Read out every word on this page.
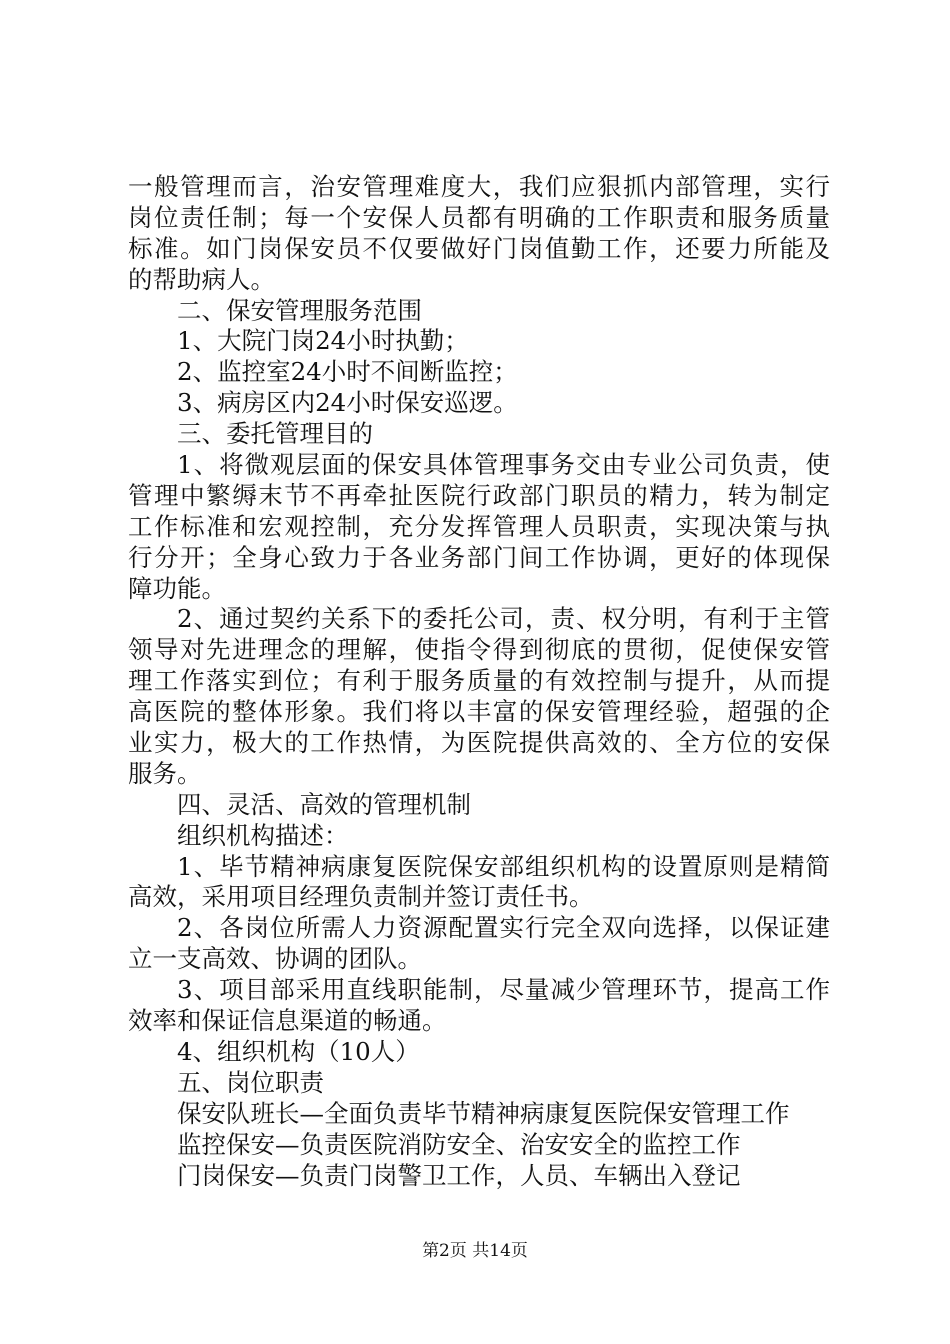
一般管理而言，治安管理难度大，我们应狠抓内部管理，实行
岗位责任制；每一个安保人员都有明确的工作职责和服务质量
标准。如门岗保安员不仅要做好门岗值勤工作，还要力所能及
的帮助病人。
二、保安管理服务范围
1、大院门岗24小时执勤；
2、监控室24小时不间断监控；
3、病房区内24小时保安巡逻。
三、委托管理目的
1、将微观层面的保安具体管理事务交由专业公司负责，使
管理中繁缛末节不再牵扯医院行政部门职员的精力，转为制定
工作标准和宏观控制，充分发挥管理人员职责，实现决策与执
行分开；全身心致力于各业务部门间工作协调，更好的体现保
障功能。
2、通过契约关系下的委托公司，责、权分明，有利于主管
领导对先进理念的理解，使指令得到彻底的贯彻，促使保安管
理工作落实到位；有利于服务质量的有效控制与提升，从而提
高医院的整体形象。我们将以丰富的保安管理经验，超强的企
业实力，极大的工作热情，为医院提供高效的、全方位的安保
服务。
四、灵活、高效的管理机制
组织机构描述：
1、毕节精神病康复医院保安部组织机构的设置原则是精简
高效，采用项目经理负责制并签订责任书。
2、各岗位所需人力资源配置实行完全双向选择，以保证建
立一支高效、协调的团队。
3、项目部采用直线职能制，尽量减少管理环节，提高工作
效率和保证信息渠道的畅通。
4、组织机构（10人）
五、岗位职责
保安队班长—全面负责毕节精神病康复医院保安管理工作
监控保安—负责医院消防安全、治安安全的监控工作
门岗保安—负责门岗警卫工作，人员、车辆出入登记
第2页 共14页
